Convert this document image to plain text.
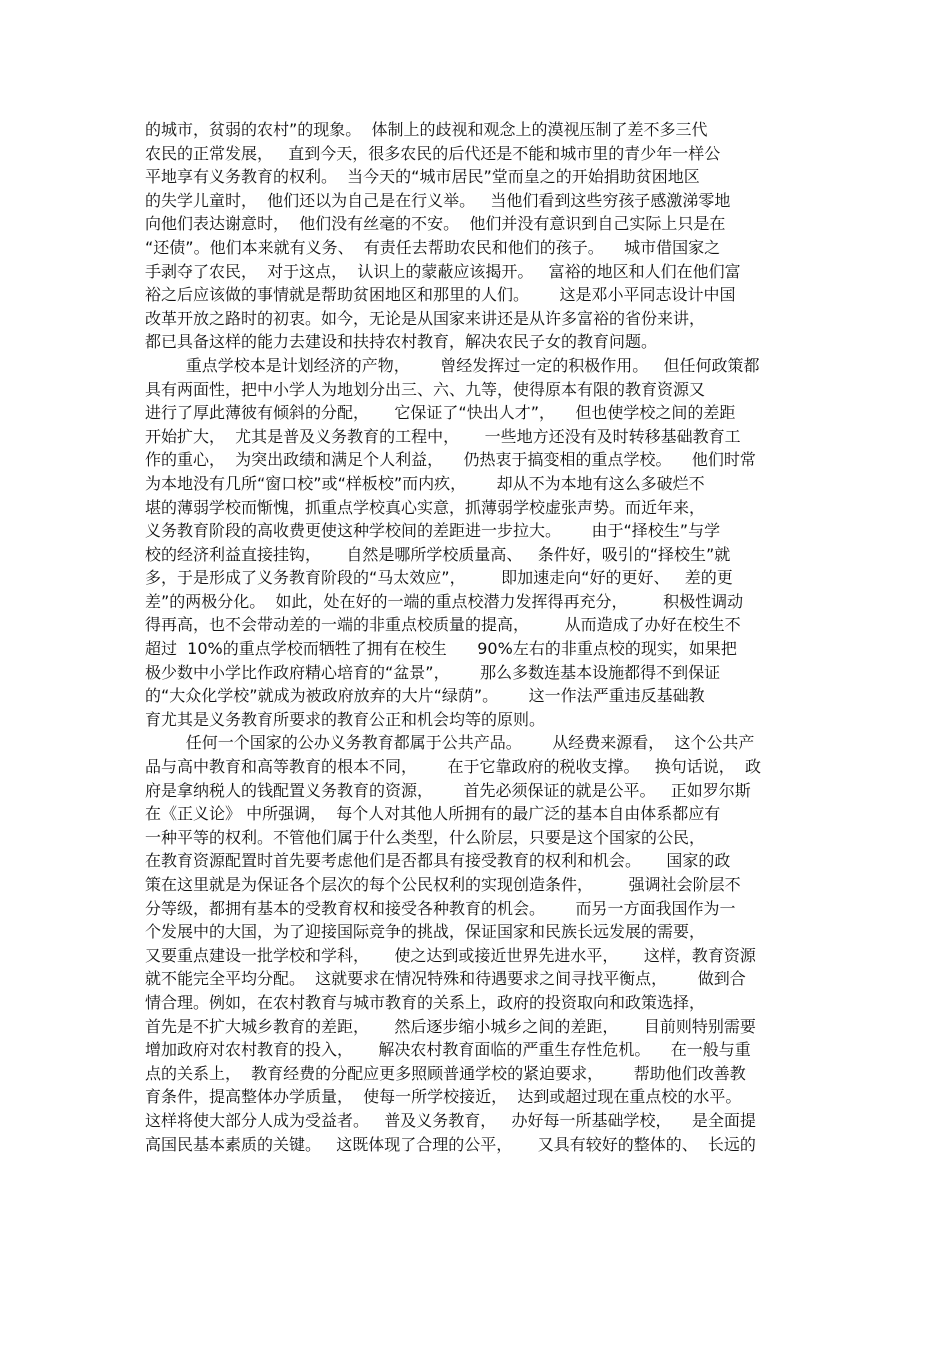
的城市，贫弱的农村”的现象。  体制上的歧视和观念上的漠视压制了差不多三代
农民的正常发展，   直到今天，很多农民的后代还是不能和城市里的青少年一样公
平地享有义务教育的权利。  当今天的“城市居民”堂而皇之的开始捐助贫困地区
的失学儿童时，  他们还以为自己是在行义举。   当他们看到这些穷孩子感激涕零地
向他们表达谢意时，  他们没有丝毫的不安。  他们并没有意识到自己实际上只是在
“还债”。他们本来就有义务、  有责任去帮助农民和他们的孩子。    城市借国家之
手剥夺了农民，  对于这点，  认识上的蒙蔽应该揭开。   富裕的地区和人们在他们富
裕之后应该做的事情就是帮助贫困地区和那里的人们。      这是邓小平同志设计中国
改革开放之路时的初衷。如今，无论是从国家来讲还是从许多富裕的省份来讲，
都已具备这样的能力去建设和扶持农村教育，解决农民子女的教育问题。
重点学校本是计划经济的产物，      曾经发挥过一定的积极作用。   但任何政策都
具有两面性，把中小学人为地划分出三、六、九等，使得原本有限的教育资源又
进行了厚此薄彼有倾斜的分配，     它保证了“快出人才”，    但也使学校之间的差距
开始扩大，  尤其是普及义务教育的工程中，     一些地方还没有及时转移基础教育工
作的重心，  为突出政绩和满足个人利益，    仍热衷于搞变相的重点学校。    他们时常
为本地没有几所“窗口校”或“样板校”而内疚，      却从不为本地有这么多破烂不
堪的薄弱学校而惭愧，抓重点学校真心实意，抓薄弱学校虚张声势。而近年来，
义务教育阶段的高收费更使这种学校间的差距进一步拉大。      由于“择校生”与学
校的经济利益直接挂钩，     自然是哪所学校质量高、   条件好，吸引的“择校生”就
多，于是形成了义务教育阶段的“马太效应”，       即加速走向“好的更好、   差的更
差”的两极分化。  如此，处在好的一端的重点校潜力发挥得再充分，       积极性调动
得再高，也不会带动差的一端的非重点校质量的提高，       从而造成了办好在校生不
超过  10%的重点学校而牺牲了拥有在校生      90%左右的非重点校的现实，如果把
极少数中小学比作政府精心培育的“盆景”，      那么多数连基本设施都得不到保证
的“大众化学校”就成为被政府放弃的大片“绿荫”。      这一作法严重违反基础教
育尤其是义务教育所要求的教育公正和机会均等的原则。
任何一个国家的公办义务教育都属于公共产品。      从经费来源看，  这个公共产
品与高中教育和高等教育的根本不同，      在于它靠政府的税收支撑。   换句话说，  政
府是拿纳税人的钱配置义务教育的资源，      首先必须保证的就是公平。   正如罗尔斯
在《正义论》 中所强调，  每个人对其他人所拥有的最广泛的基本自由体系都应有
一种平等的权利。不管他们属于什么类型，什么阶层，只要是这个国家的公民，
在教育资源配置时首先要考虑他们是否都具有接受教育的权利和机会。     国家的政
策在这里就是为保证各个层次的每个公民权利的实现创造条件，       强调社会阶层不
分等级，都拥有基本的受教育权和接受各种教育的机会。      而另一方面我国作为一
个发展中的大国，为了迎接国际竞争的挑战，保证国家和民族长远发展的需要，
又要重点建设一批学校和学科，     使之达到或接近世界先进水平，     这样，教育资源
就不能完全平均分配。  这就要求在情况特殊和待遇要求之间寻找平衡点，      做到合
情合理。例如，在农村教育与城市教育的关系上，政府的投资取向和政策选择，
首先是不扩大城乡教育的差距，     然后逐步缩小城乡之间的差距，     目前则特别需要
增加政府对农村教育的投入，     解决农村教育面临的严重生存性危机。    在一般与重
点的关系上，  教育经费的分配应更多照顾普通学校的紧迫要求，      帮助他们改善教
育条件，提高整体办学质量，  使每一所学校接近，  达到或超过现在重点校的水平。
这样将使大部分人成为受益者。   普及义务教育，   办好每一所基础学校，    是全面提
高国民基本素质的关键。   这既体现了合理的公平，     又具有较好的整体的、  长远的
